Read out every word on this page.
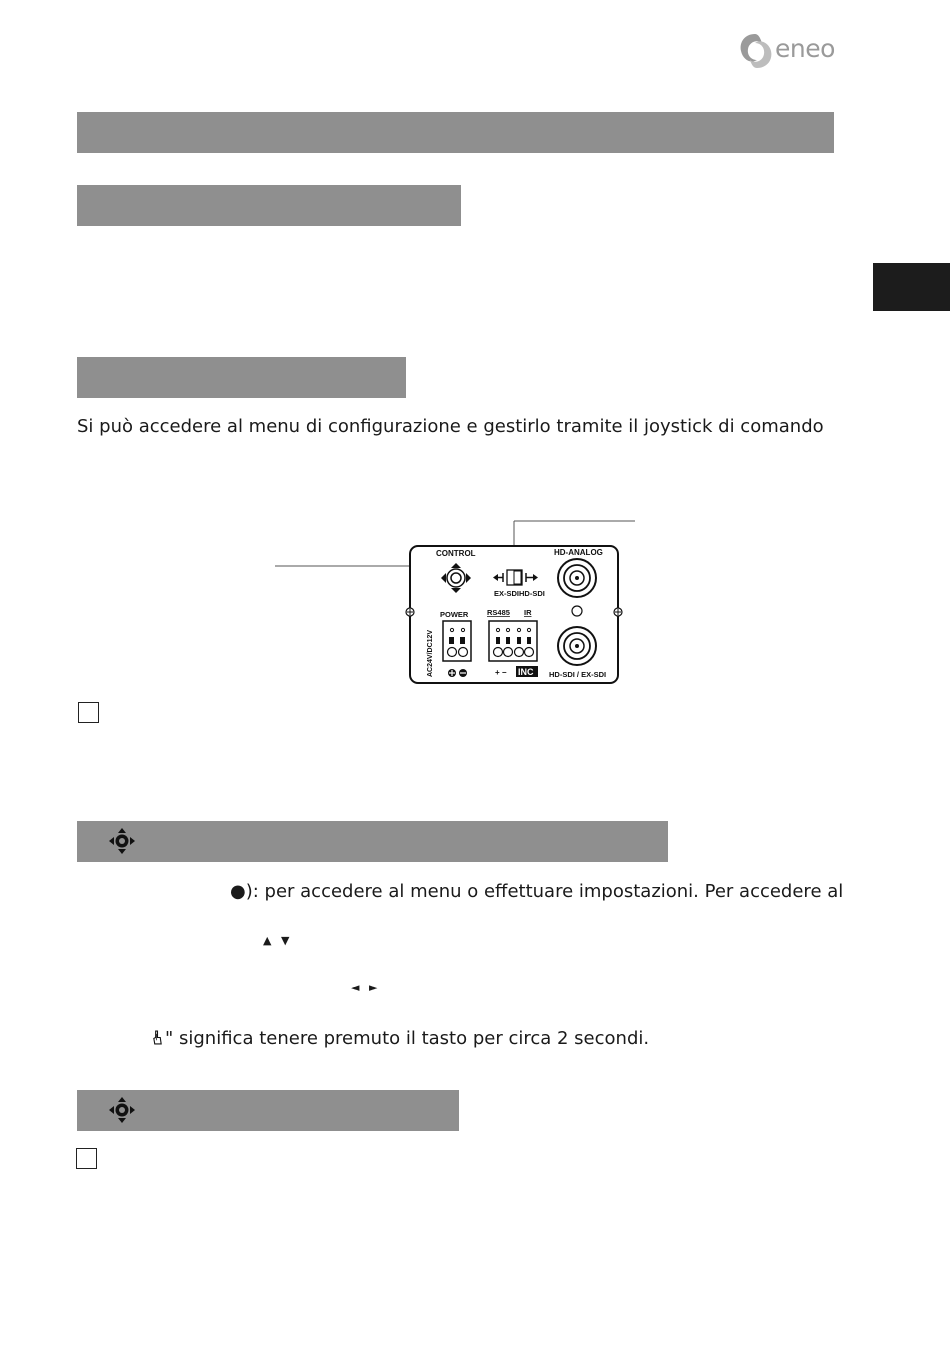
eneo
Si può accedere al menu di configurazione e gestirlo tramite il joystick di comando
CONTROL
EX-SDI HD-SDI
HD-ANALOG
HD-SDI / EX-SDI
AC24V/DC12V
POWER RS485 IR
+ − INC
●): per accedere al menu o effettuare impostazioni. Per accedere al
▲ ▼
◄ ►
" significa tenere premuto il tasto per circa 2 secondi.
